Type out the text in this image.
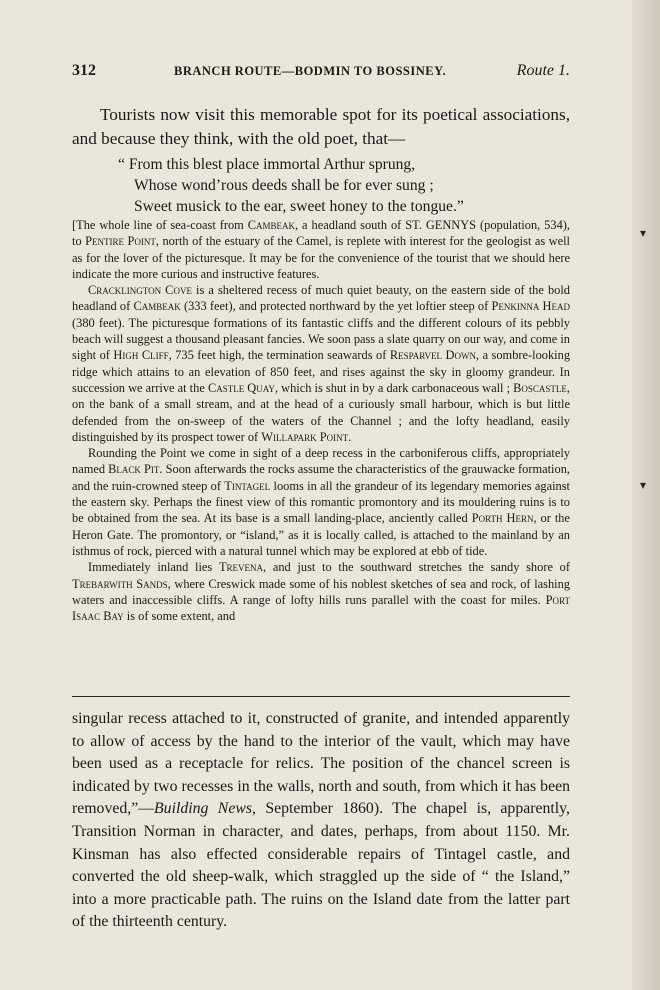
312	BRANCH ROUTE—BODMIN TO BOSSINEY.	Route 1.

Tourists now visit this memorable spot for its poetical associations, and because they think, with the old poet, that—

“ From this blest place immortal Arthur sprung,
Whose wond’rous deeds shall be for ever sung ;
Sweet musick to the ear, sweet honey to the tongue.”

[The whole line of sea-coast from Cambeak, a headland south of ST. GENNYS (population, 534), to Pentire Point, north of the estuary of the Camel, is replete with interest for the geologist as well as for the lover of the picturesque. It may be for the convenience of the tourist that we should here indicate the more curious and instructive features.

Cracklington Cove is a sheltered recess of much quiet beauty, on the eastern side of the bold headland of Cambeak (333 feet), and protected northward by the yet loftier steep of Penkinna Head (380 feet). The picturesque formations of its fantastic cliffs and the different colours of its pebbly beach will suggest a thousand pleasant fancies. We soon pass a slate quarry on our way, and come in sight of High Cliff, 735 feet high, the termination seawards of Resparvel Down, a sombre-looking ridge which attains to an elevation of 850 feet, and rises against the sky in gloomy grandeur. In succession we arrive at the Castle Quay, which is shut in by a dark carbonaceous wall ; Boscastle, on the bank of a small stream, and at the head of a curiously small harbour, which is but little defended from the on-sweep of the waters of the Channel ; and the lofty headland, easily distinguished by its prospect tower of Willapark Point.

Rounding the Point we come in sight of a deep recess in the carboniferous cliffs, appropriately named Black Pit. Soon afterwards the rocks assume the characteristics of the grauwacke formation, and the ruin-crowned steep of Tintagel looms in all the grandeur of its legendary memories against the eastern sky. Perhaps the finest view of this romantic promontory and its mouldering ruins is to be obtained from the sea. At its base is a small landing-place, anciently called Porth Hern, or the Heron Gate. The promontory, or “island,” as it is locally called, is attached to the mainland by an isthmus of rock, pierced with a natural tunnel which may be explored at ebb of tide.

Immediately inland lies Trevena, and just to the southward stretches the sandy shore of Trebarwith Sands, where Creswick made some of his noblest sketches of sea and rock, of lashing waters and inaccessible cliffs. A range of lofty hills runs parallel with the coast for miles. Port Isaac Bay is of some extent, and

singular recess attached to it, constructed of granite, and intended apparently to allow of access by the hand to the interior of the vault, which may have been used as a receptacle for relics. The position of the chancel screen is indicated by two recesses in the walls, north and south, from which it has been removed,”—Building News, September 1860). The chapel is, apparently, Transition Norman in character, and dates, perhaps, from about 1150. Mr. Kinsman has also effected considerable repairs of Tintagel castle, and converted the old sheep-walk, which straggled up the side of “ the Island,” into a more practicable path. The ruins on the Island date from the latter part of the thirteenth century.

▾
▾
